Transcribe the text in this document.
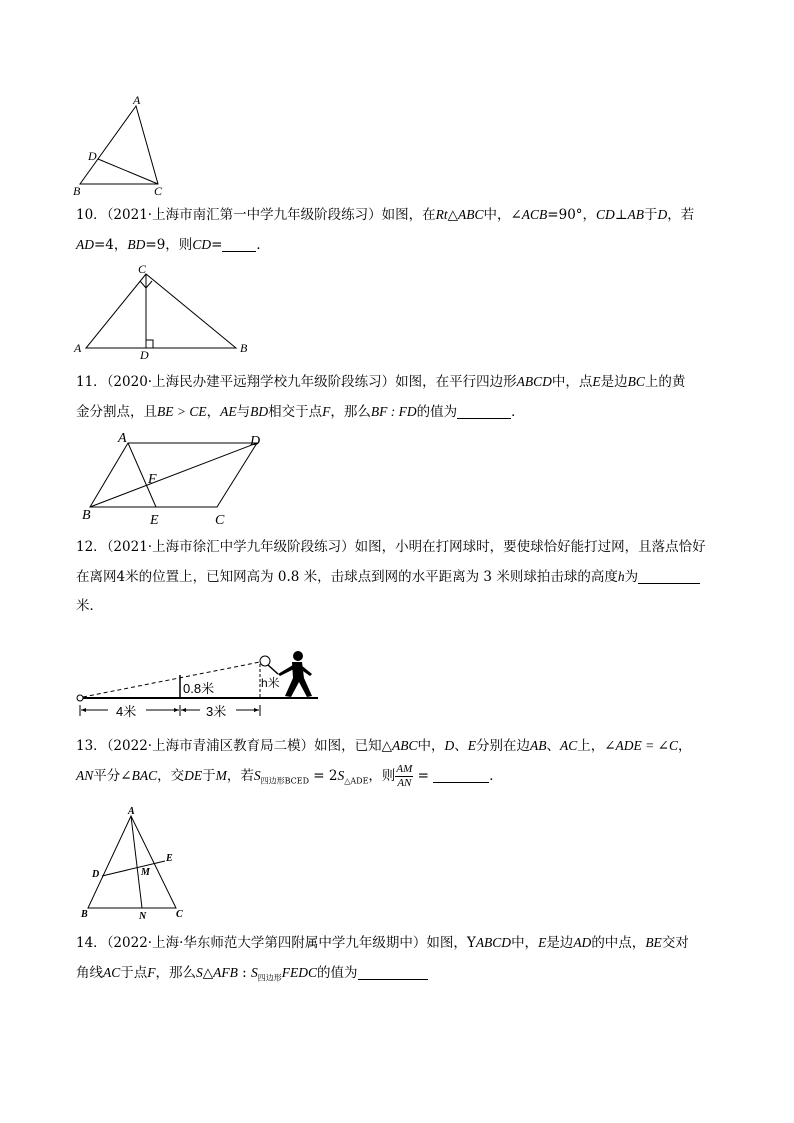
A
D
B	C
10．（2021·上海市南汇第一中学九年级阶段练习）如图，在Rt△ABC中，∠ACB=90°，CD⊥AB于D，若
AD=4，BD=9，则CD=	．
C
A	D	B
11．（2020·上海民办建平远翔学校九年级阶段练习）如图，在平行四边形ABCD中，点E是边BC上的黄
金分割点，且BE > CE，AE与BD相交于点F，那么BF : FD的值为	．
A	D
F
B	E	C
12．（2021·上海市徐汇中学九年级阶段练习）如图，小明在打网球时，要使球恰好能打过网，且落点恰好
在离网4米的位置上，已知网高为 0.8 米，击球点到网的水平距离为 3 米则球拍击球的高度h为
米．
0.8米	h米
4米	3米
13．（2022·上海市青浦区教育局二模）如图，已知△ABC中，D、E分别在边AB、AC上，∠ADE = ∠C，
AN平分∠BAC，交DE于M，若$S_{四边形BCED} = 2S_{\triangle ADE}$，则 $\frac{AM}{AN}$ =	．
A
D
E
M
B	N	C
14．（2022·上海·华东师范大学第四附属中学九年级期中）如图，YABCD中，E是边AD的中点，BE交对
角线AC于点F，那么S△AFB : $S_{四边形}FEDC$的值为
